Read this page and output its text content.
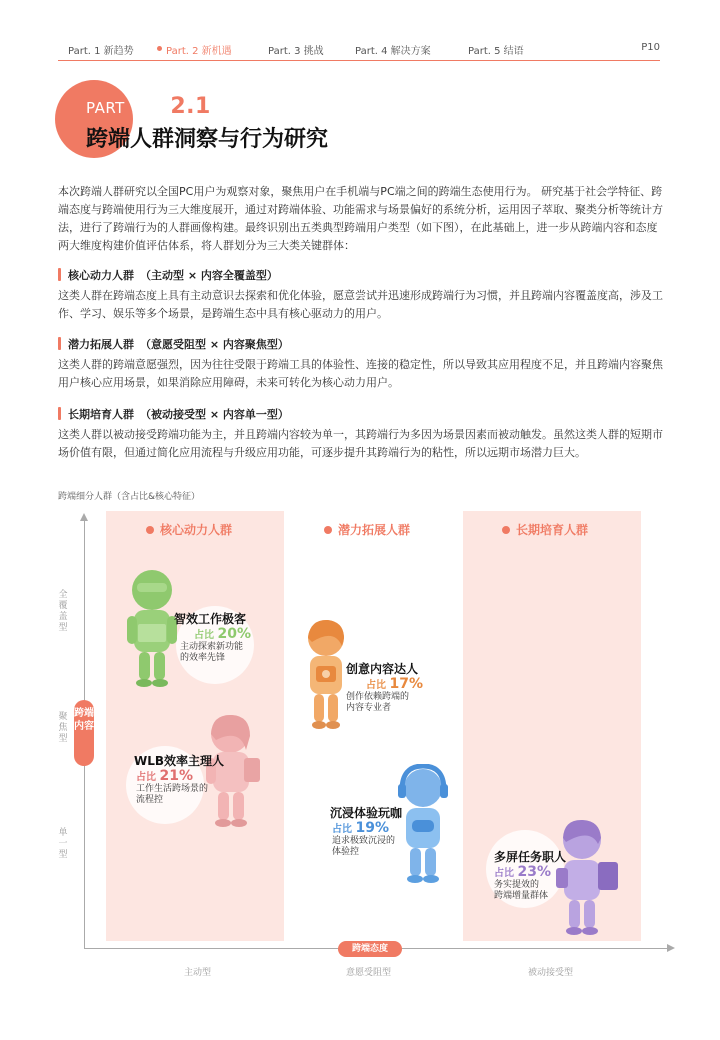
Part. 1 新趋势	Part. 2 新机遇	Part. 3 挑战	Part. 4 解决方案	Part. 5 结语	P10
PART TWO 2.1
跨端人群洞察与行为研究

本次跨端人群研究以全国PC用户为观察对象，聚焦用户在手机端与PC端之间的跨端生态使用行为。 研究基于社会学特征、跨端态度与跨端使用行为三大维度展开，通过对跨端体验、功能需求与场景偏好的系统分析，运用因子萃取、聚类分析等统计方法，进行了跨端行为的人群画像构建。最终识别出五类典型跨端用户类型（如下图），在此基础上，进一步从跨端内容和态度两大维度构建价值评估体系，将人群划分为三大类关键群体：

核心动力人群 （主动型 × 内容全覆盖型）

这类人群在跨端态度上具有主动意识去探索和优化体验，愿意尝试并迅速形成跨端行为习惯，并且跨端内容覆盖度高，涉及工作、学习、娱乐等多个场景，是跨端生态中具有核心驱动力的用户。

潜力拓展人群 （意愿受阻型 × 内容聚焦型）

这类人群的跨端意愿强烈，因为往往受限于跨端工具的体验性、连接的稳定性，所以导致其应用程度不足，并且跨端内容聚焦用户核心应用场景，如果消除应用障碍，未来可转化为核心动力用户。

长期培育人群 （被动接受型 × 内容单一型）

这类人群以被动接受跨端功能为主，并且跨端内容较为单一，其跨端行为多因为场景因素而被动触发。虽然这类人群的短期市场价值有限，但通过简化应用流程与升级应用功能，可逐步提升其跨端行为的粘性，所以远期市场潜力巨大。

跨端细分人群（含占比&核心特征）
核心动力人群	潜力拓展人群	长期培育人群
全覆盖型
聚焦型
单一型
跨端内容
跨端态度
主动型	意愿受阻型	被动接受型
智效工作极客
占比 20%
主动探索新功能
的效率先锋
WLB效率主理人
占比 21%
工作生活跨场景的
流程控
创意内容达人
占比 17%
创作依赖跨端的
内容专业者
沉浸体验玩咖
占比 19%
追求极致沉浸的
体验控	多屏任务职人
占比 23%
务实提效的
跨端增量群体
